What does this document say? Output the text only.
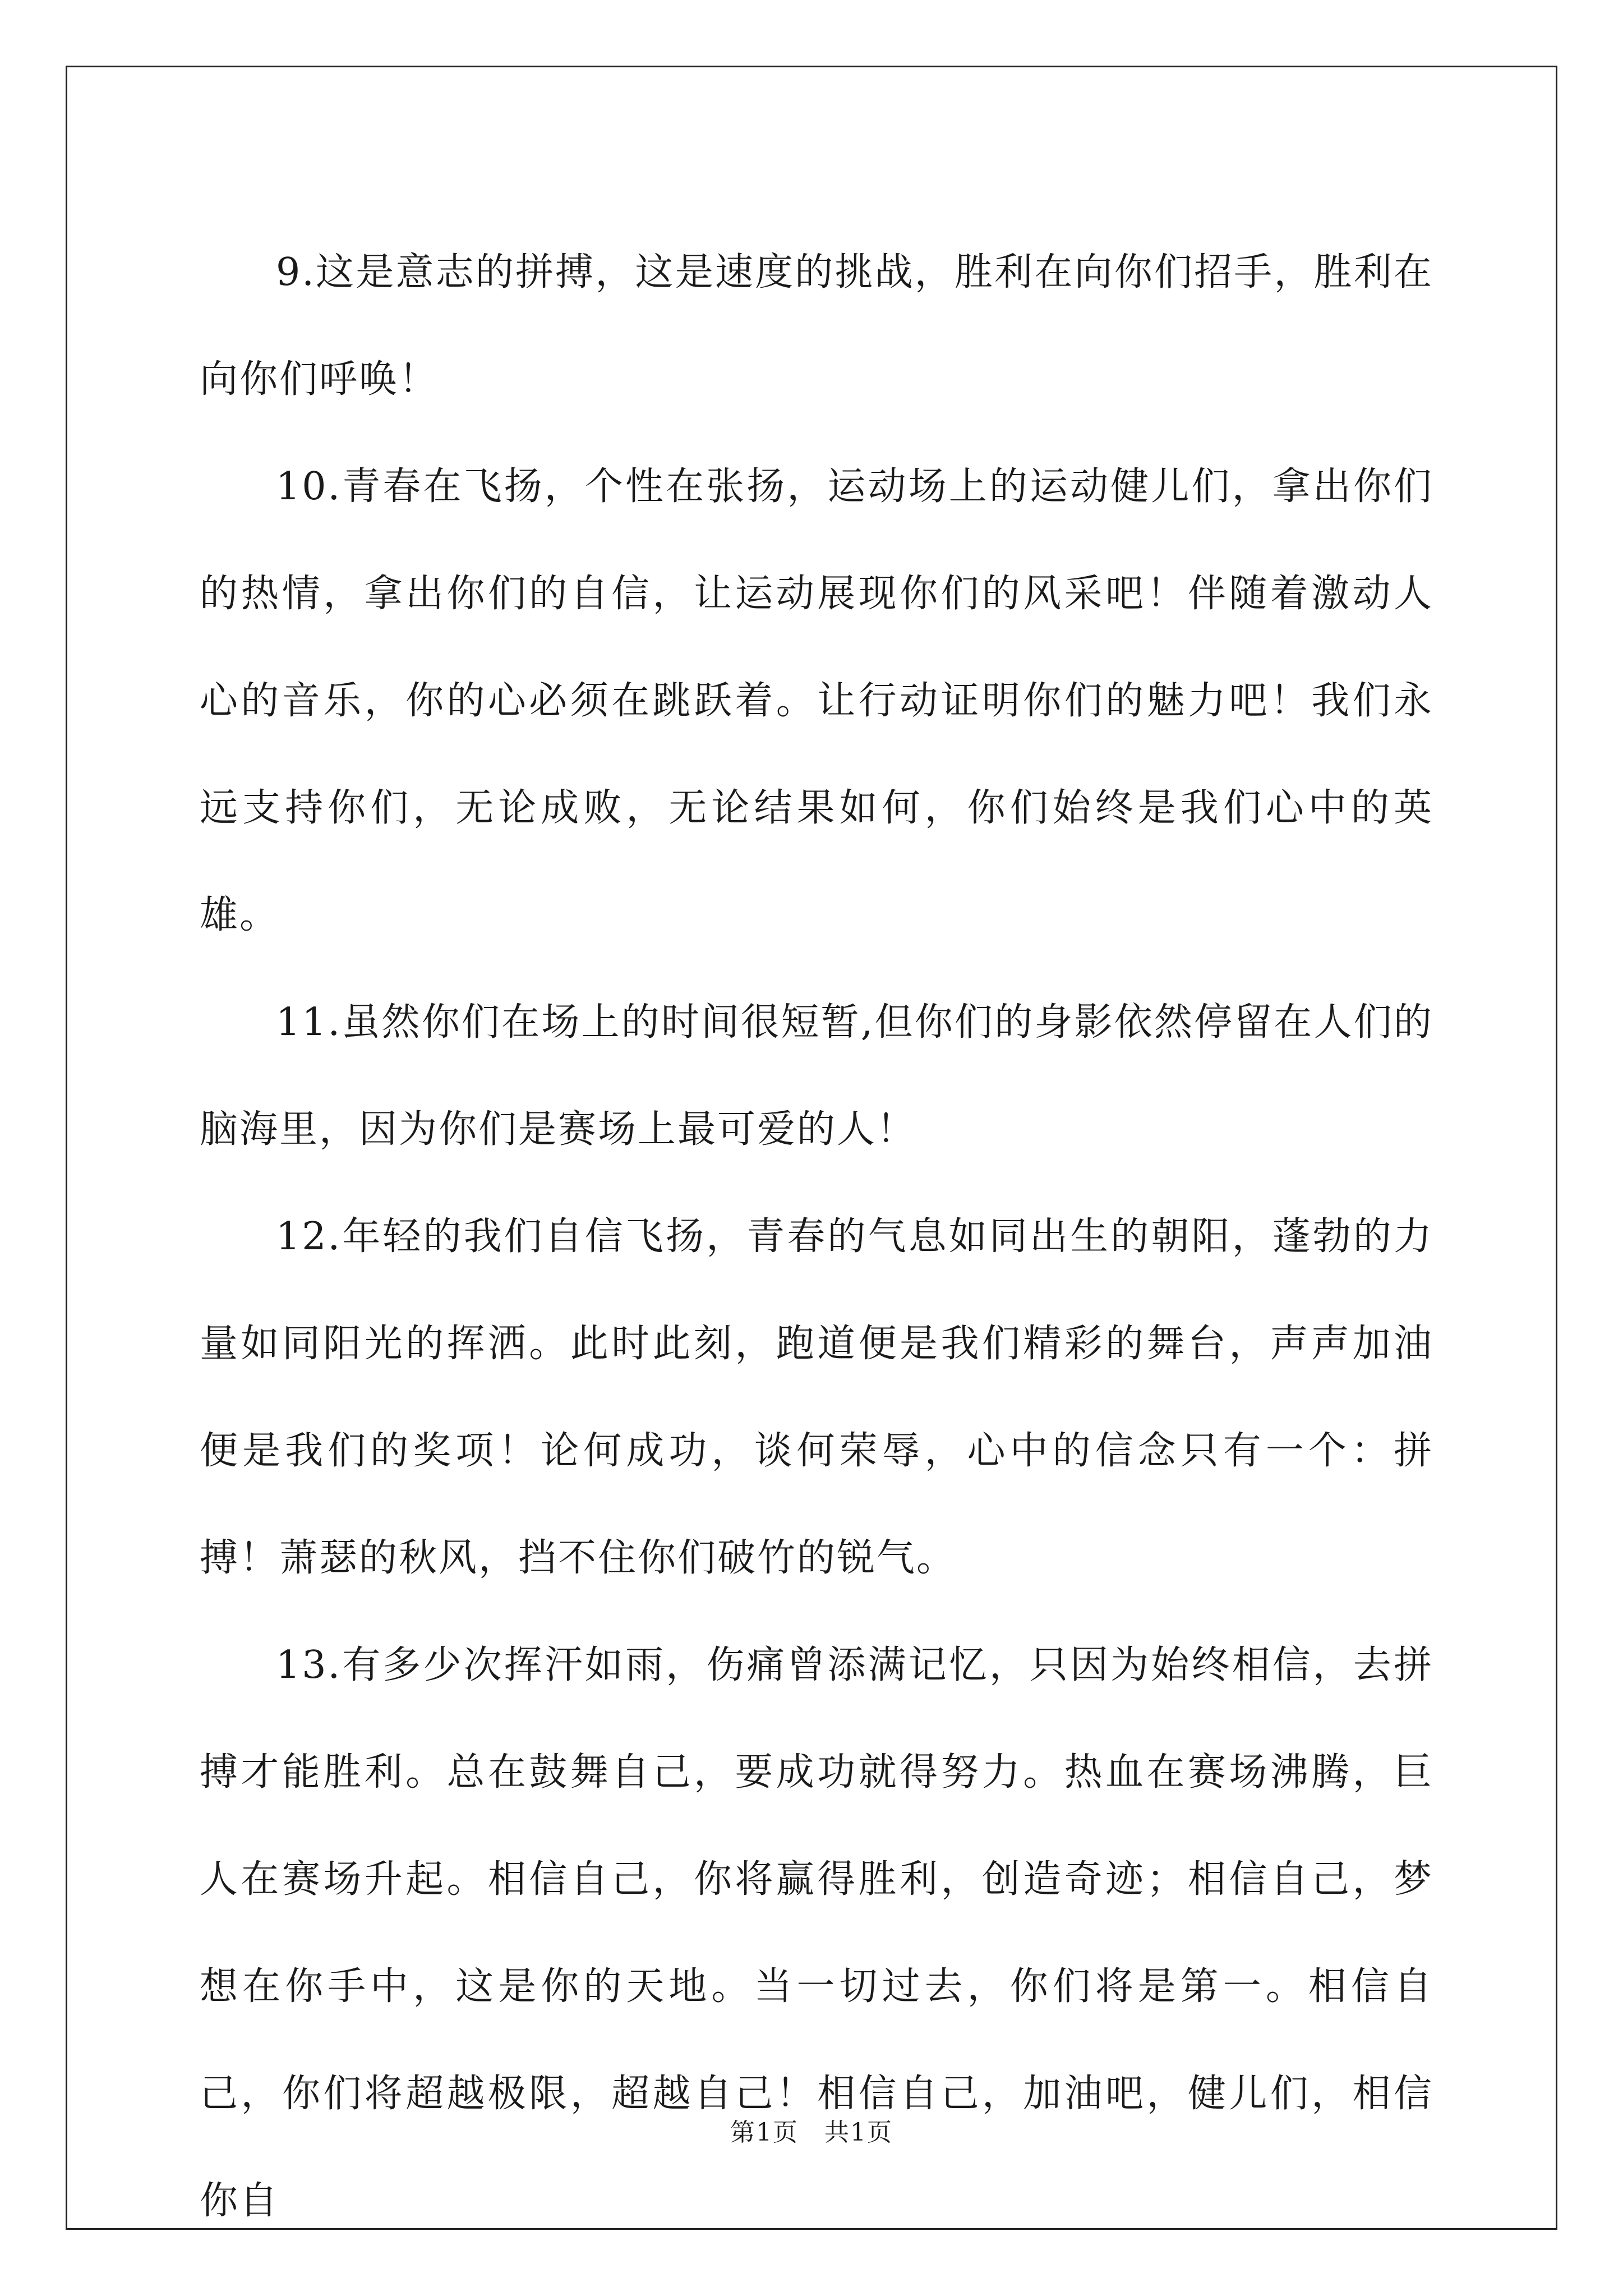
9.这是意志的拼搏，这是速度的挑战，胜利在向你们招手，胜利在向你们呼唤！

10.青春在飞扬，个性在张扬，运动场上的运动健儿们，拿出你们的热情，拿出你们的自信，让运动展现你们的风采吧！伴随着激动人心的音乐，你的心必须在跳跃着。让行动证明你们的魅力吧！我们永远支持你们，无论成败，无论结果如何，你们始终是我们心中的英雄。

11.虽然你们在场上的时间很短暂,但你们的身影依然停留在人们的脑海里，因为你们是赛场上最可爱的人！

12.年轻的我们自信飞扬，青春的气息如同出生的朝阳，蓬勃的力量如同阳光的挥洒。此时此刻，跑道便是我们精彩的舞台，声声加油便是我们的奖项！论何成功，谈何荣辱，心中的信念只有一个：拼搏！萧瑟的秋风，挡不住你们破竹的锐气。

13.有多少次挥汗如雨，伤痛曾添满记忆，只因为始终相信，去拼搏才能胜利。总在鼓舞自己，要成功就得努力。热血在赛场沸腾，巨人在赛场升起。相信自己，你将赢得胜利，创造奇迹；相信自己，梦想在你手中，这是你的天地。当一切过去，你们将是第一。相信自己，你们将超越极限，超越自己！相信自己，加油吧，健儿们，相信你自

第1页　共1页
